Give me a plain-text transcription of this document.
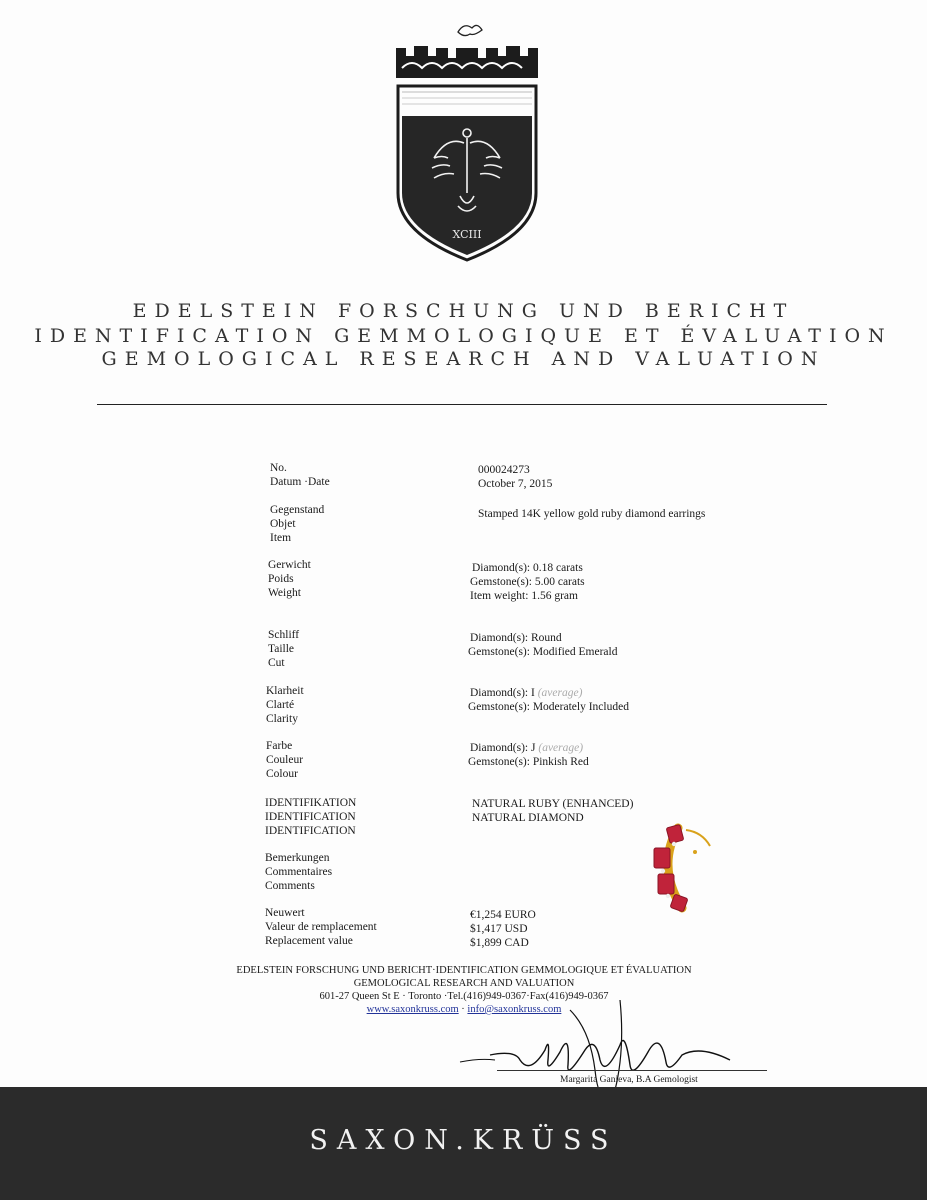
XCIII
EDELSTEIN FORSCHUNG UND BERICHT
IDENTIFICATION GEMMOLOGIQUE ET ÉVALUATION
GEMOLOGICAL RESEARCH AND VALUATION
No.
Datum ·Date
000024273
October 7, 2015
Gegenstand
Objet
Item
Stamped 14K yellow gold ruby diamond earrings
Gerwicht
Poids
Weight
Diamond(s): 0.18 carats
Gemstone(s): 5.00 carats
Item weight: 1.56 gram
Schliff
Taille
Cut
Diamond(s): Round
Gemstone(s): Modified Emerald
Klarheit
Clarté
Clarity
Diamond(s): I (average)
Gemstone(s): Moderately Included
Farbe
Couleur
Colour
Diamond(s): J (average)
Gemstone(s): Pinkish Red
IDENTIFIKATION
IDENTIFICATION
IDENTIFICATION
NATURAL RUBY (ENHANCED)
NATURAL DIAMOND
Bemerkungen
Commentaires
Comments
Neuwert
Valeur de remplacement
Replacement value
€1,254 EURO
$1,417 USD
$1,899 CAD
EDELSTEIN FORSCHUNG UND BERICHT·IDENTIFICATION GEMMOLOGIQUE ET ÉVALUATION
GEMOLOGICAL RESEARCH AND VALUATION
601-27 Queen St E · Toronto ·Tel.(416)949-0367·Fax(416)949-0367
www.saxonkruss.com · info@saxonkruss.com
Margarita Ganieva, B.A Gemologist
SAXON.KRÜSS
